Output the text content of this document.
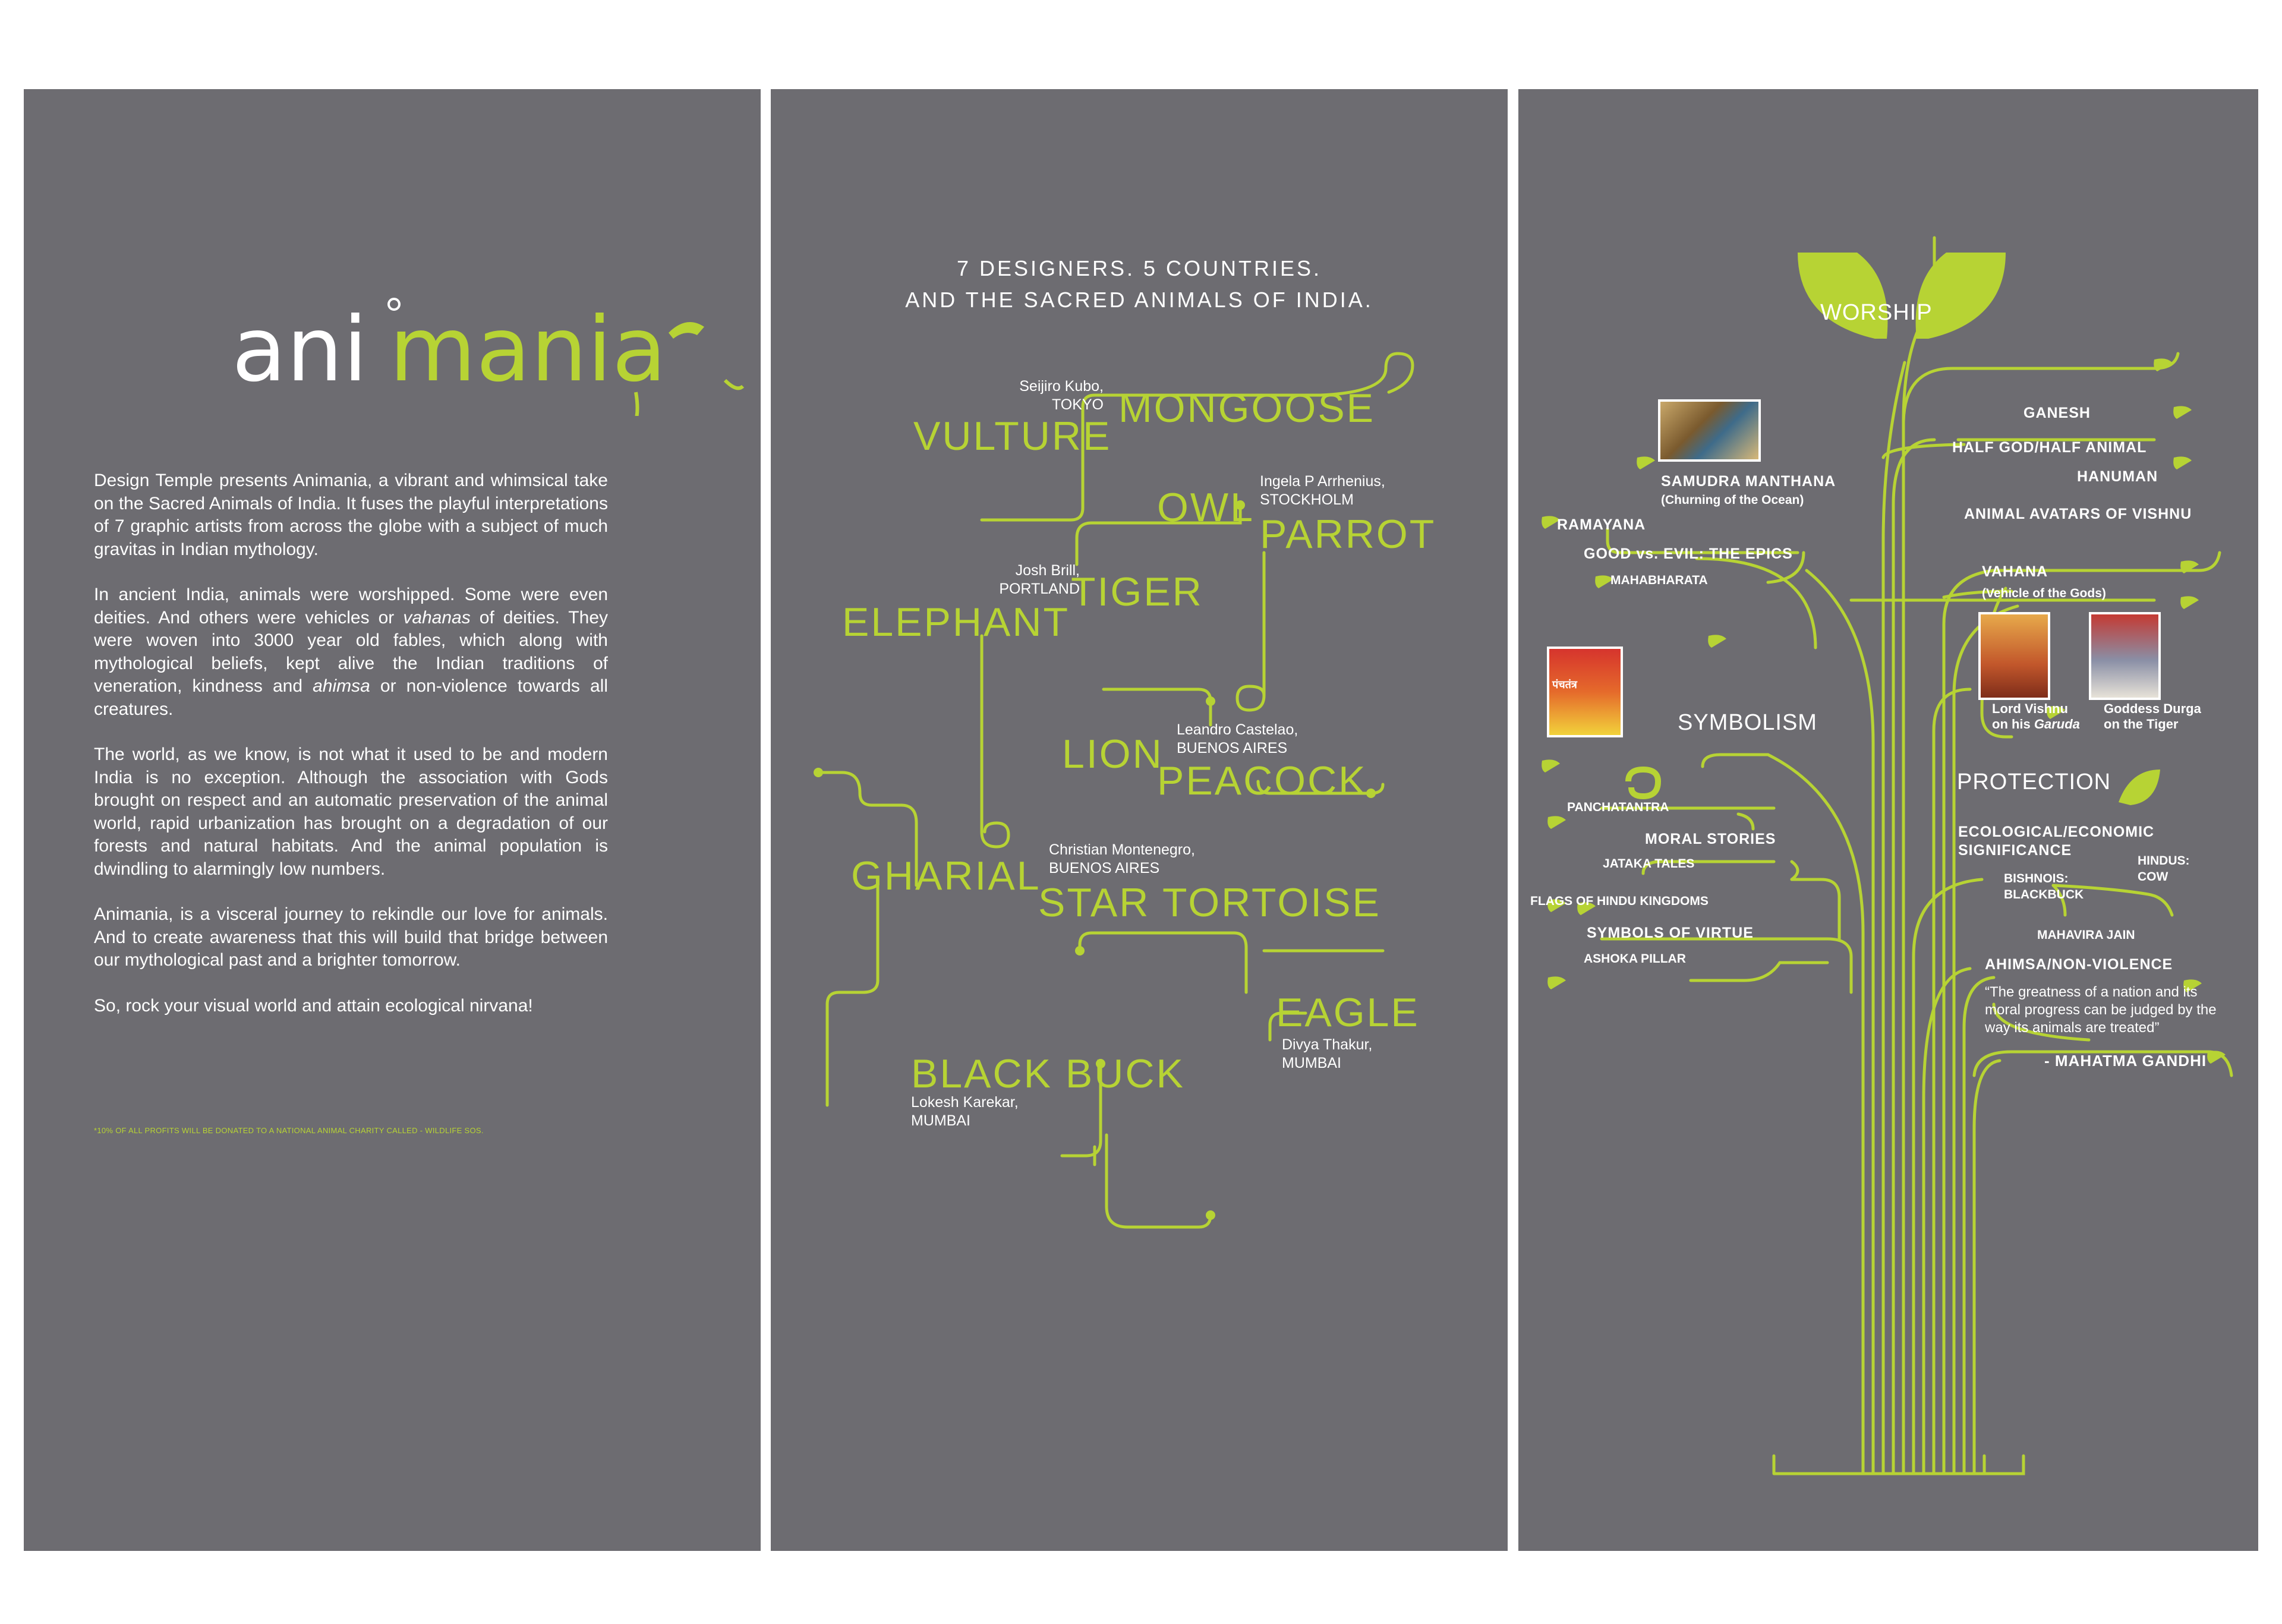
ani mania

Design Temple presents Animania, a vibrant and whimsical take on the Sacred Animals of India. It fuses the playful interpretations of 7 graphic artists from across the globe with a subject of much gravitas in Indian mythology.

In ancient India, animals were worshipped. Some were even deities. And others were vehicles or vahanas of deities. They were woven into 3000 year old fables, which along with mythological beliefs, kept alive the Indian traditions of veneration, kindness and ahimsa or non-violence towards all creatures.

The world, as we know, is not what it used to be and modern India is no exception. Although the association with Gods brought on respect and an automatic preservation of the animal world, rapid urbanization has brought on a degradation of our forests and natural habitats. And the animal population is dwindling to alarmingly low numbers.

Animania, is a visceral journey to rekindle our love for animals. And to create awareness that this will build that bridge between our mythological past and a brighter tomorrow.

So, rock your visual world and attain ecological nirvana!

*10% OF ALL PROFITS WILL BE DONATED TO A NATIONAL ANIMAL CHARITY CALLED - WILDLIFE SOS.
7 DESIGNERS. 5 COUNTRIES.
AND THE SACRED ANIMALS OF INDIA.
Seijiro Kubo,
TOKYO MONGOOSE
VULTURE
Ingela P Arrhenius,
STOCKHOLM
OWL
PARROT
Josh Brill,
PORTLAND
TIGER
ELEPHANT
Leandro Castelao,
BUENOS AIRES
LION
PEACOCK
Christian Montenegro,
BUENOS AIRES
GHARIAL
STAR TORTOISE
EAGLE
Divya Thakur,
MUMBAI
BLACK BUCK
Lokesh Karekar,
MUMBAI
WORSHIP
SYMBOLISM
PROTECTION
पंचतंत्र
GANESH
HALF GOD/HALF ANIMAL
HANUMAN
SAMUDRA MANTHANA
(Churning of the Ocean)
ANIMAL AVATARS OF VISHNU
RAMAYANA
GOOD vs. EVIL: THE EPICS
MAHABHARATA
VAHANA
(Vehicle of the Gods)
Lord Vishnu
on his Garuda
Goddess Durga
on the Tiger
PANCHATANTRA
MORAL STORIES
JATAKA TALES
FLAGS OF HINDU KINGDOMS
SYMBOLS OF VIRTUE
ASHOKA PILLAR
ECOLOGICAL/ECONOMIC
SIGNIFICANCE
HINDUS:
COW
BISHNOIS:
BLACKBUCK
MAHAVIRA JAIN
AHIMSA/NON-VIOLENCE
“The greatness of a nation and its moral progress can be judged by the way its animals are treated”
- MAHATMA GANDHI
